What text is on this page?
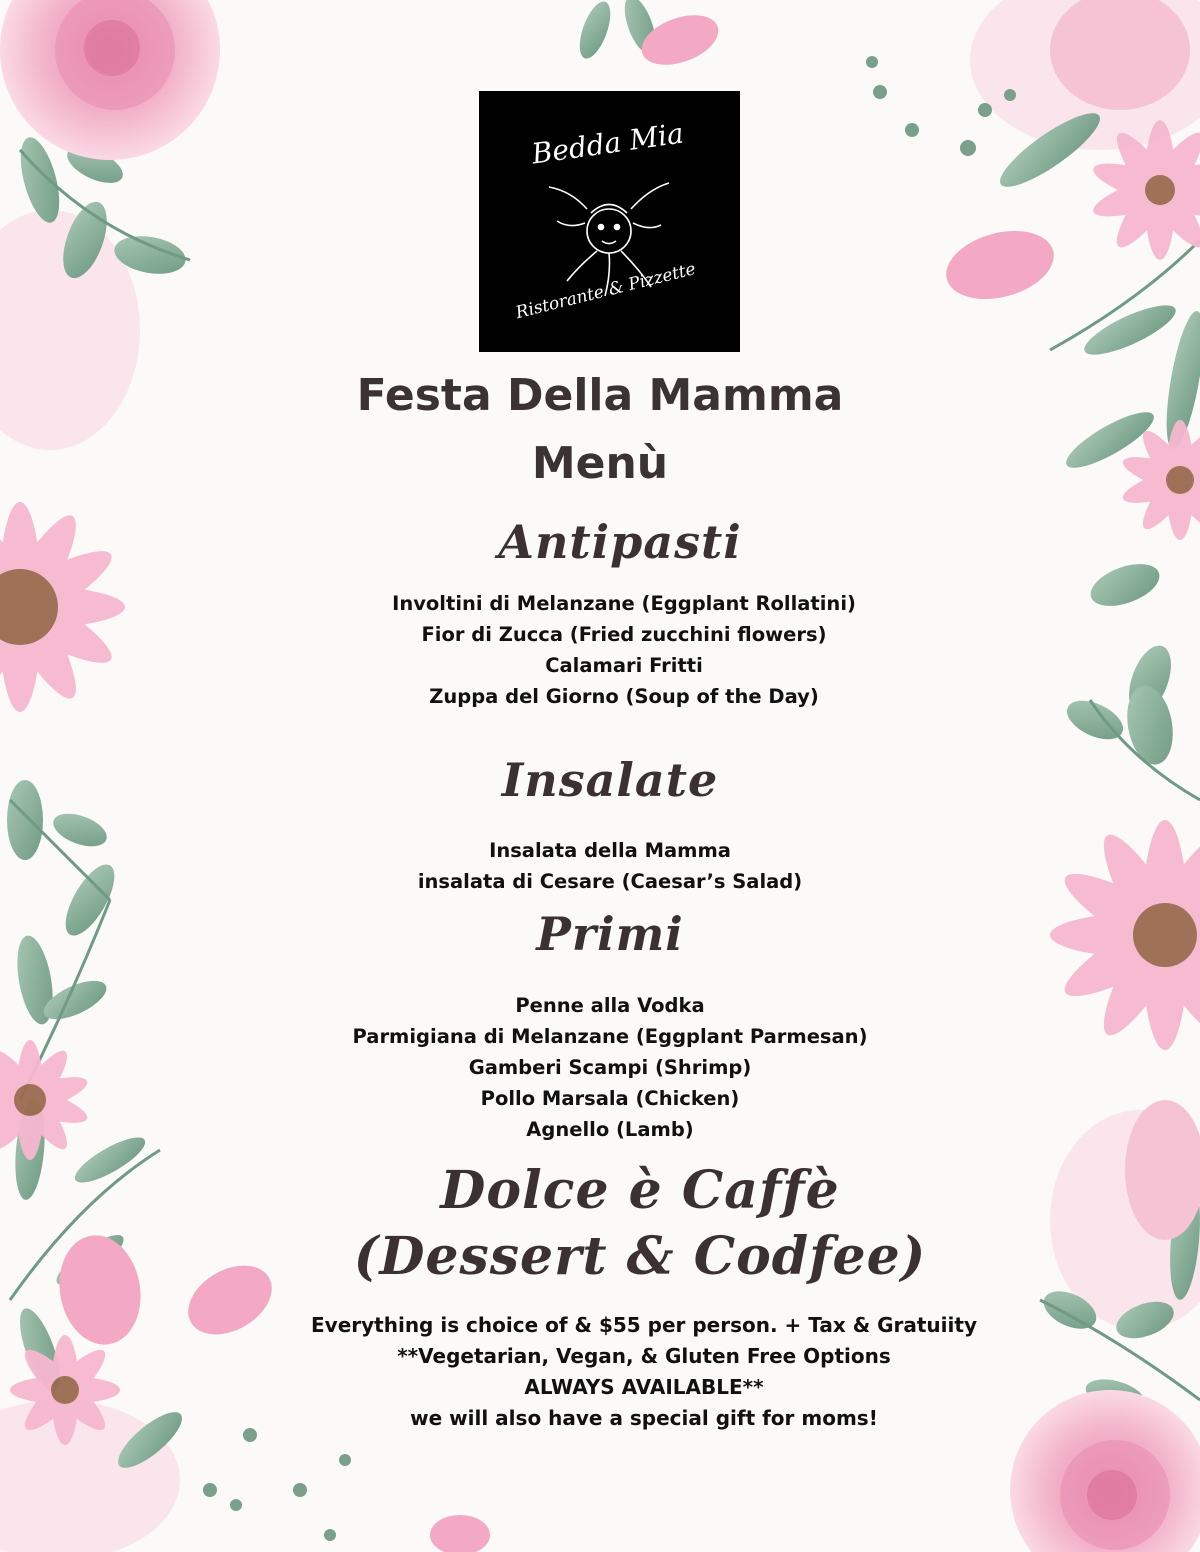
Bedda Mia
Ristorante & Pizzette
Festa Della Mamma
Menù
Antipasti
Involtini di Melanzane (Eggplant Rollatini)
Fior di Zucca (Fried zucchini flowers)
Calamari Fritti
Zuppa del Giorno (Soup of the Day)
Insalate
Insalata della Mamma
insalata di Cesare (Caesar’s Salad)
Primi
Penne alla Vodka
Parmigiana di Melanzane (Eggplant Parmesan)
Gamberi Scampi (Shrimp)
Pollo Marsala (Chicken)
Agnello (Lamb)
Dolce è Caffè
(Dessert & Codfee)
Everything is choice of & $55 per person. + Tax & Gratuiity
**Vegetarian, Vegan, & Gluten Free Options
ALWAYS AVAILABLE**
we will also have a special gift for moms!
